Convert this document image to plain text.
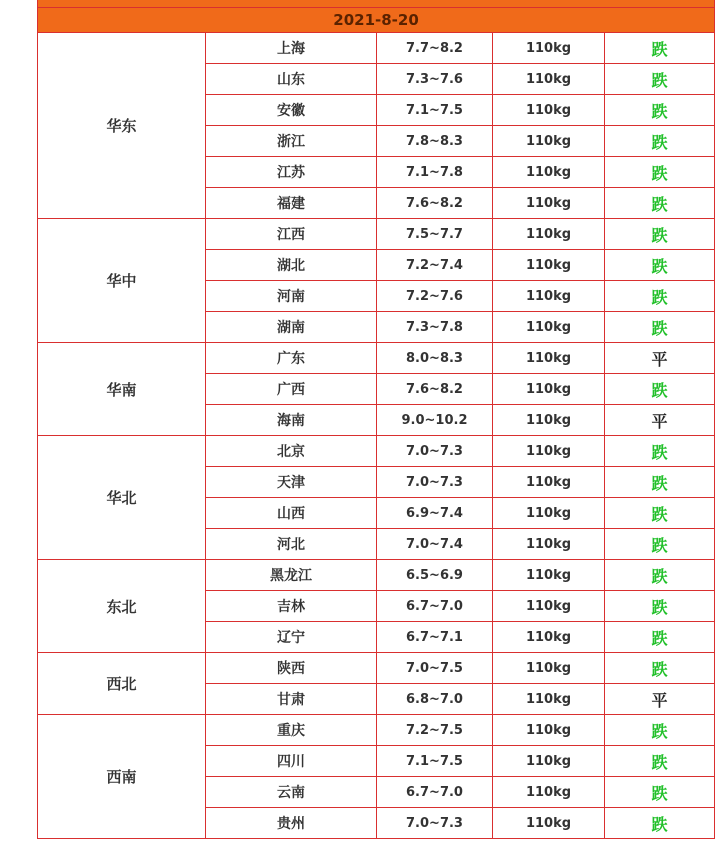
2021-8-20				
华东	上海	7.7~8.2	110kg	跌
	山东	7.3~7.6	110kg	跌
	安徽	7.1~7.5	110kg	跌
	浙江	7.8~8.3	110kg	跌
	江苏	7.1~7.8	110kg	跌
	福建	7.6~8.2	110kg	跌
华中	江西	7.5~7.7	110kg	跌
	湖北	7.2~7.4	110kg	跌
	河南	7.2~7.6	110kg	跌
	湖南	7.3~7.8	110kg	跌
华南	广东	8.0~8.3	110kg	平
	广西	7.6~8.2	110kg	跌
	海南	9.0~10.2	110kg	平
华北	北京	7.0~7.3	110kg	跌
	天津	7.0~7.3	110kg	跌
	山西	6.9~7.4	110kg	跌
	河北	7.0~7.4	110kg	跌
东北	黑龙江	6.5~6.9	110kg	跌
	吉林	6.7~7.0	110kg	跌
	辽宁	6.7~7.1	110kg	跌
西北	陕西	7.0~7.5	110kg	跌
	甘肃	6.8~7.0	110kg	平
西南	重庆	7.2~7.5	110kg	跌
	四川	7.1~7.5	110kg	跌
	云南	6.7~7.0	110kg	跌
	贵州	7.0~7.3	110kg	跌
